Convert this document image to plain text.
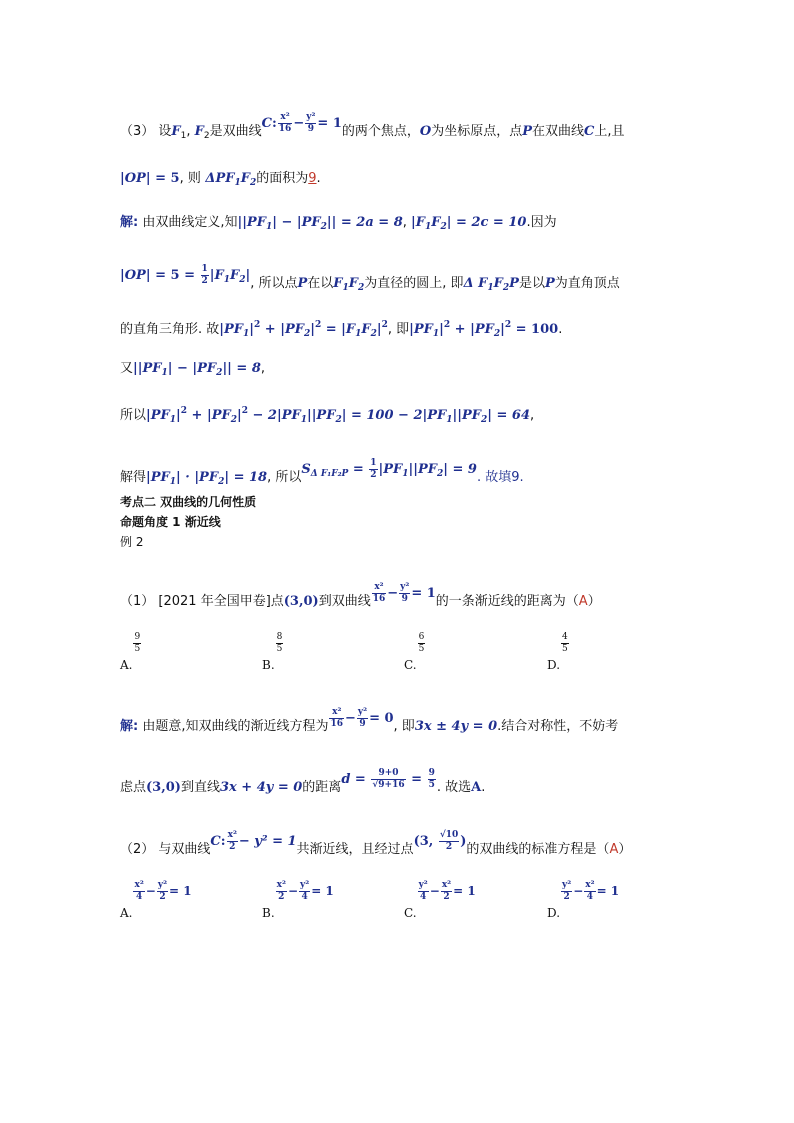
（3） 设$F_1$, $F_2$是双曲线C: $\frac{\text{x²}}{16} - \frac{\text{y²}}{9} = 1$的两个焦点，O为坐标原点，点P在双曲线C上,且
|OP| = 5, 则 $\Delta PF_1F_2$的面积为9.
解: 由双曲线定义,知$||PF_1| - |PF_2|| = 2a = 8$, $|F_1F_2| = 2c = 10$.因为
$|OP| = 5 = \frac{1}{2} |F_1F_2|$, 所以点P在以$F_1F_2$为直径的圆上, 即Δ $F_1F_2P$是以P为直角顶点
的直角三角形. 故$|PF_1|^2 + |PF_2|^2 = |F_1F_2|^2$, 即$|PF_1|^2 + |PF_2|^2 = 100$.
又$||PF_1| - |PF_2|| = 8$,
所以$|PF_1|^2 + |PF_2|^2 - 2|PF_1||PF_2| = 100 - 2|PF_1||PF_2| = 64$,
解得$|PF_1| \cdot |PF_2| = 18$, 所以$S_{\Delta F_1F_2P} = \frac{1}{2} |PF_1||PF_2| = 9$. 故填9.
考点二 双曲线的几何性质
命题角度 1 渐近线
例 2
（1） [2021 年全国甲卷]点(3,0)到双曲线 $\frac{\text{x²}}{16} - \frac{\text{y²}}{9} = 1$的一条渐近线的距离为（A）
A.
$\frac{9}{5}$
B.
$\frac{8}{5}$
C.
$\frac{6}{5}$
D.
$\frac{4}{5}$
解: 由题意,知双曲线的渐近线方程为 $\frac{\text{x²}}{16} - \frac{\text{y²}}{9} = 0$, 即3x ± 4y = 0.结合对称性，不妨考
虑点(3,0)到直线3x + 4y = 0的距离$d = \frac{9+0}{√9+16} = \frac{9}{5}$ . 故选A.
（2） 与双曲线C: $\frac{\text{x²}}{2} - y^2 = 1$共渐近线，且经过点(3, $\frac{√10}{2}$ )的双曲线的标准方程是（A）
A.
$\frac{\text{x²}}{4} - \frac{\text{y²}}{2} = 1$
B.
$\frac{\text{x²}}{2} - \frac{\text{y²}}{4} = 1$
C.
$\frac{\text{y²}}{4} - \frac{\text{x²}}{2} = 1$
D.
$\frac{\text{y²}}{2} - \frac{\text{x²}}{4} = 1$
